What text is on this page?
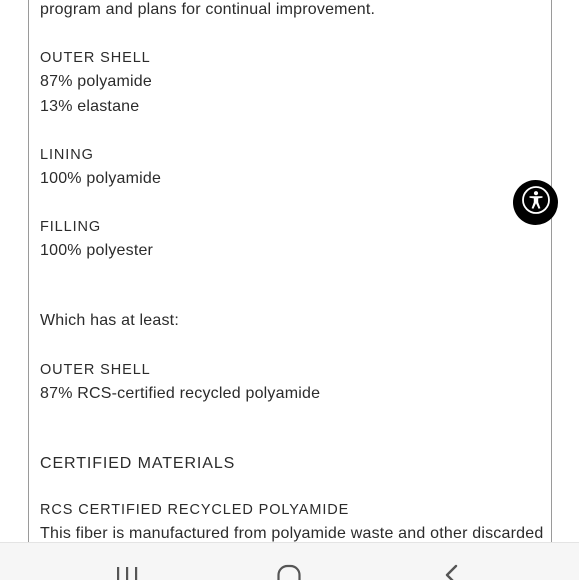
program and plans for continual improvement.
OUTER SHELL
87% polyamide
13% elastane
LINING
100% polyamide
FILLING
100% polyester
Which has at least:
OUTER SHELL
87% RCS-certified recycled polyamide
CERTIFIED MATERIALS
RCS CERTIFIED RECYCLED POLYAMIDE
This fiber is manufactured from polyamide waste and other discarded
